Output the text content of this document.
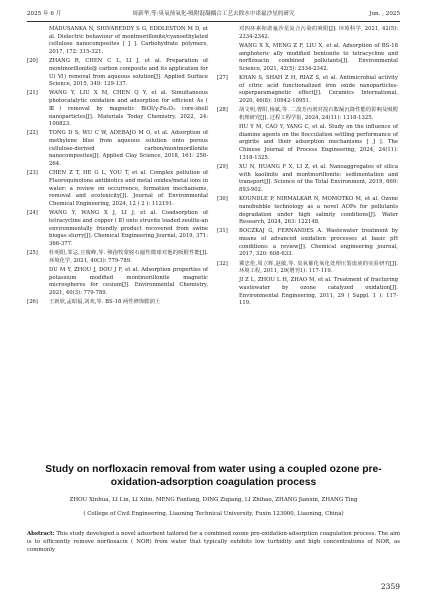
2025 年 6 月	周新华,等:臭氧预氧化-吸附混凝耦合工艺去除水中诺氟沙星的研究	Jun. , 2025
MADUSANKA N, SHIVAREDDY S G, EDDLESTON M D, et al. Dielectric behaviour of montmorillonite/cyanoethylated cellulose nanocomposites [ J ]. Carbohydrate polymers, 2017, 172: 315-321.
[20]	ZHANG R, CHEN C L, LI J, et al. Preparation of montmorillonite@ carbon composite and its application for U( Ⅵ) removal from aqueous solution[J]. Applied Surface Science, 2015, 349: 129-137.
[21]	WANG Y, LIU X M, CHEN Q Y, et al. Simultaneous photocatalytic oxidation and adsorption for efficient As ( Ⅲ) removal by magnetic BiOI/γ-Fe₂O₃ core-shell nanoparticles[J]. Materials Today Chemistry, 2022, 24: 100823.
[22]	TONG D S, WU C W, ADEBAJO M O, et al. Adsorption of methylene blue from aqueous solution onto porous cellulose-derived carbon/montmorillonite nanocomposites[J]. Applied Clay Science, 2018, 161: 256-264.
[23]	CHEN Z T, HE G L, YOU T, et al. Complex pollution of Fluoroquinolone antibiotics and metal oxides/metal ions in water: a review on occurrence, formation mechanisms, removal and ecotoxicity[J]. Journal of Environmental Chemical Engineering, 2024, 12 ( 2 ): 112191.
[24]	WANG Y, WANG X J, LI J, et al. Coadsorption of tetracycline and copper ( Ⅱ) onto struvite loaded zeolite-an environmentally friendly product recovered from swine biogas slurry[J]. Chemical Engineering Journal, 2019, 371: 366-377.
[25]	杜明阳,邹忌,豆俊峰,等. 卵孢牧蒙脱石磁性微球对他的吸附性能[J]. 环境化学, 2021, 40(3): 779-789.
DU M Y, ZHOU J, DOU J F, et al. Adsorption properties of potassium modified montmorillonite magnetic microspheres for cesium[J]. Environmental Chemistry, 2021, 40(3): 779-789.
[26]	王新欣,孟昭福,刘欢,等. BS-18 两性修饰膨润土
对四环素和诺氟沙星复合污染的吸附[J]. 环境科学, 2021, 42(5): 2334-2342.
WANG X X, MENG Z F, LIU X, et al. Adsorption of BS-18 amphoteric ally modified bentonite to tetracycline and norfloxacin combined pollutants[J]. Environmental Science, 2021, 42(5): 2334-2342.
[27]	KHAN S, SHAH Z H, RIAZ S, et al. Antimicrobial activity of citric acid functionalized iron oxide nanoparticles-superparamagnetic effect[J]. Ceramics International, 2020, 46(8): 10942-10951.
[28]	胡文明,曹阳,杨斌,等. 二溴芳丙剂对混石絮凝沉降性能的影响及吸附机理研究[J]. 过程工程学报, 2024, 24(11): 1318-1325.
HU Y M, CAO Y, YANG C, et al. Study on the influence of diamine agents on the flocculation settling performance of argirite and their adsorption mechanisms [ J ]. The Chinese Journal of Process Engineering, 2024, 24(11): 1318-1325.
[29]	XU N, HUANG F X, LI Z, et al. Nanoaggregates of silica with kaolinite and montmorillonite: sedimentation and transport[J]. Science of the Total Environment, 2019, 669: 893-902.
[30]	KOUNDLE P, NIRMALKAR N, MOMOTKO M, et al. Ozone nanobubble technology as a novel AOPs for pollutants degradation under high salinity conditions[J]. Water Research, 2024, 263: 122148.
[31]	BOCZKAJ G, FERNANDES A. Wastewater treatment by means of advanced oxidation processes at basic pH conditions: a review[J]. Chemical engineering journal, 2017, 320: 608-633.
[32]	冀忠伦,周立辉,赵敏,等. 臭氧催化氧化处理压裂废液的实验研究[J]. 环境工程, 2011, 29(增刊1): 117-119.
JI Z L, ZHOU L H, ZHAO M, et al. Treatment of fracturing wastewater by ozone catalyzed oxidation[J]. Environmental Engineering, 2011, 29 ( Suppl. 1 ): 117-119.
Study on norfloxacin removal from water using a coupled ozone pre-oxidation-adsorption coagulation process
ZHOU Xinhua, LI Lin, LI Xilin, MENG Fanfang, DING Ziqiang, LI Zhihao, ZHANG Jianxin, ZHANG Ting
( College of Civil Engineering, Liaoning Technical University, Fuxin 123000, Liaoning, China)
Abstract: This study developed a novel adsorbent tailored for a combined ozone pre-oxidation-adsorption coagulation process. The aim is to efficiently remove norfloxacin ( NOR) from water that typically exhibits low turbidity and high concentrations of NOR, as commonly
2359
